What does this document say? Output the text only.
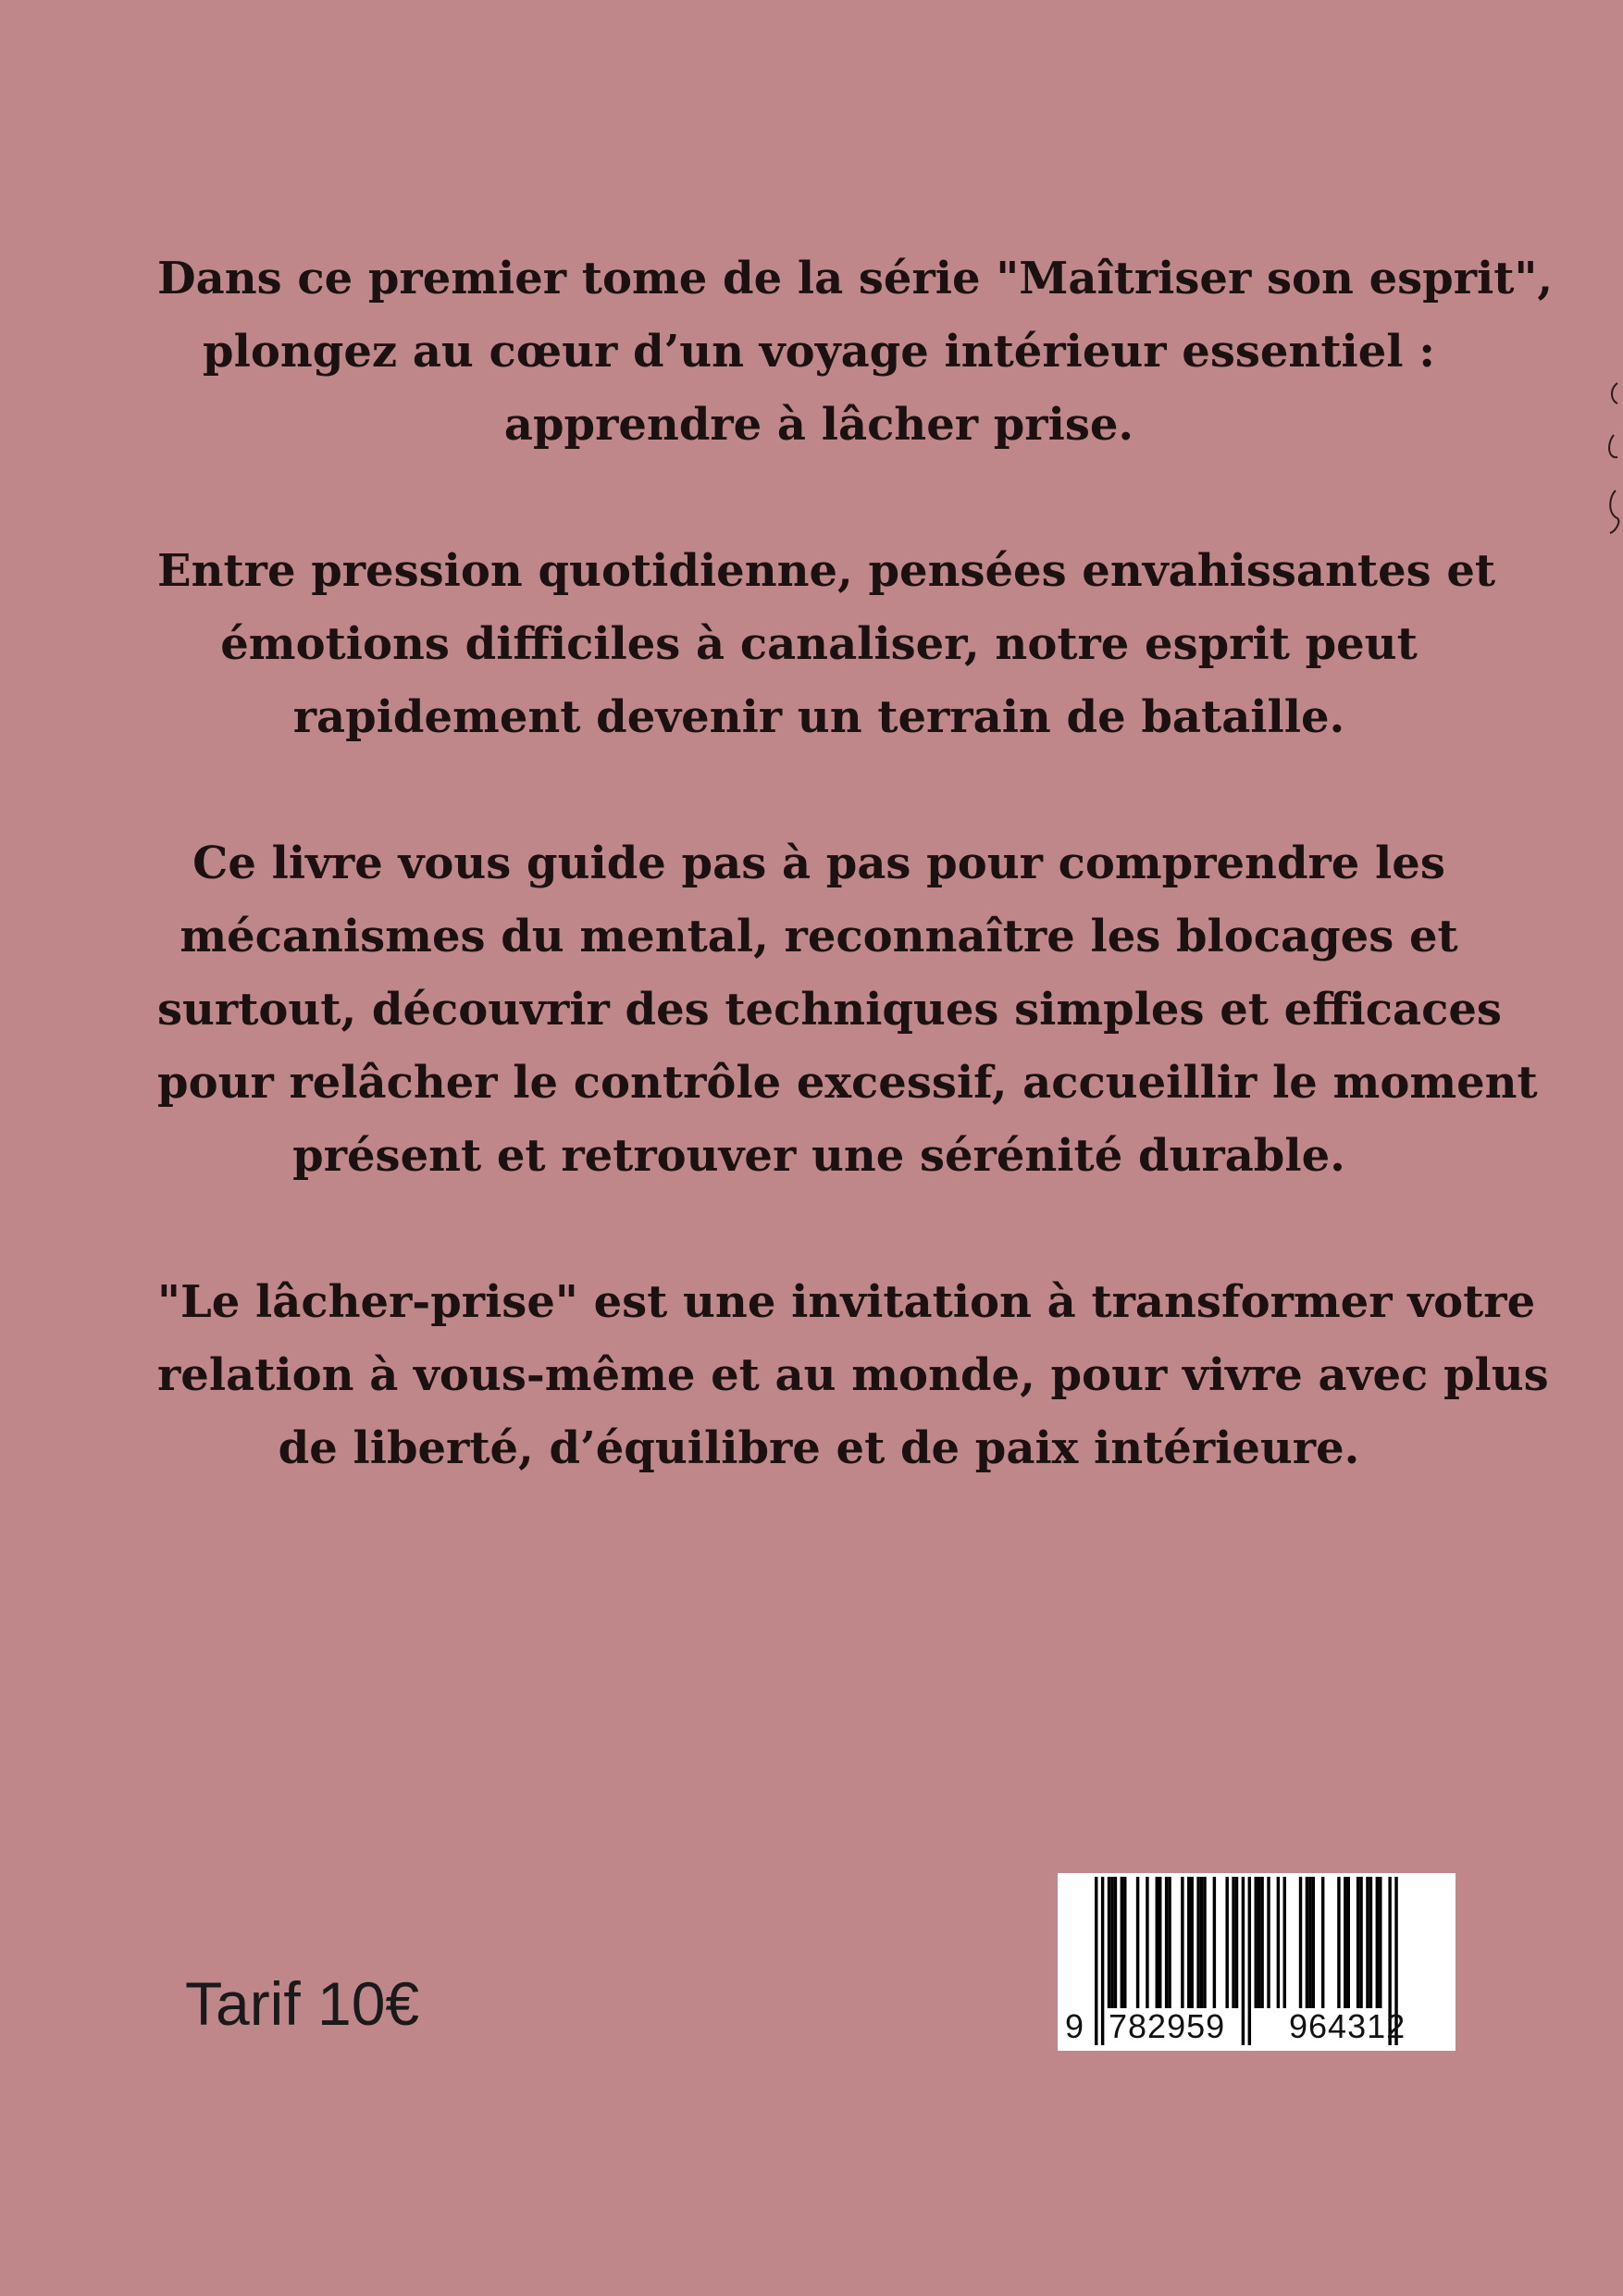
Dans ce premier tome de la série "Maîtriser son esprit",
plongez au cœur d’un voyage intérieur essentiel :
apprendre à lâcher prise.

Entre pression quotidienne, pensées envahissantes et
émotions difficiles à canaliser, notre esprit peut
rapidement devenir un terrain de bataille.

Ce livre vous guide pas à pas pour comprendre les
mécanismes du mental, reconnaître les blocages et
surtout, découvrir des techniques simples et efficaces
pour relâcher le contrôle excessif, accueillir le moment
présent et retrouver une sérénité durable.

"Le lâcher-prise" est une invitation à transformer votre
relation à vous-même et au monde, pour vivre avec plus
de liberté, d’équilibre et de paix intérieure.

Tarif 10€	9 782959 964312
